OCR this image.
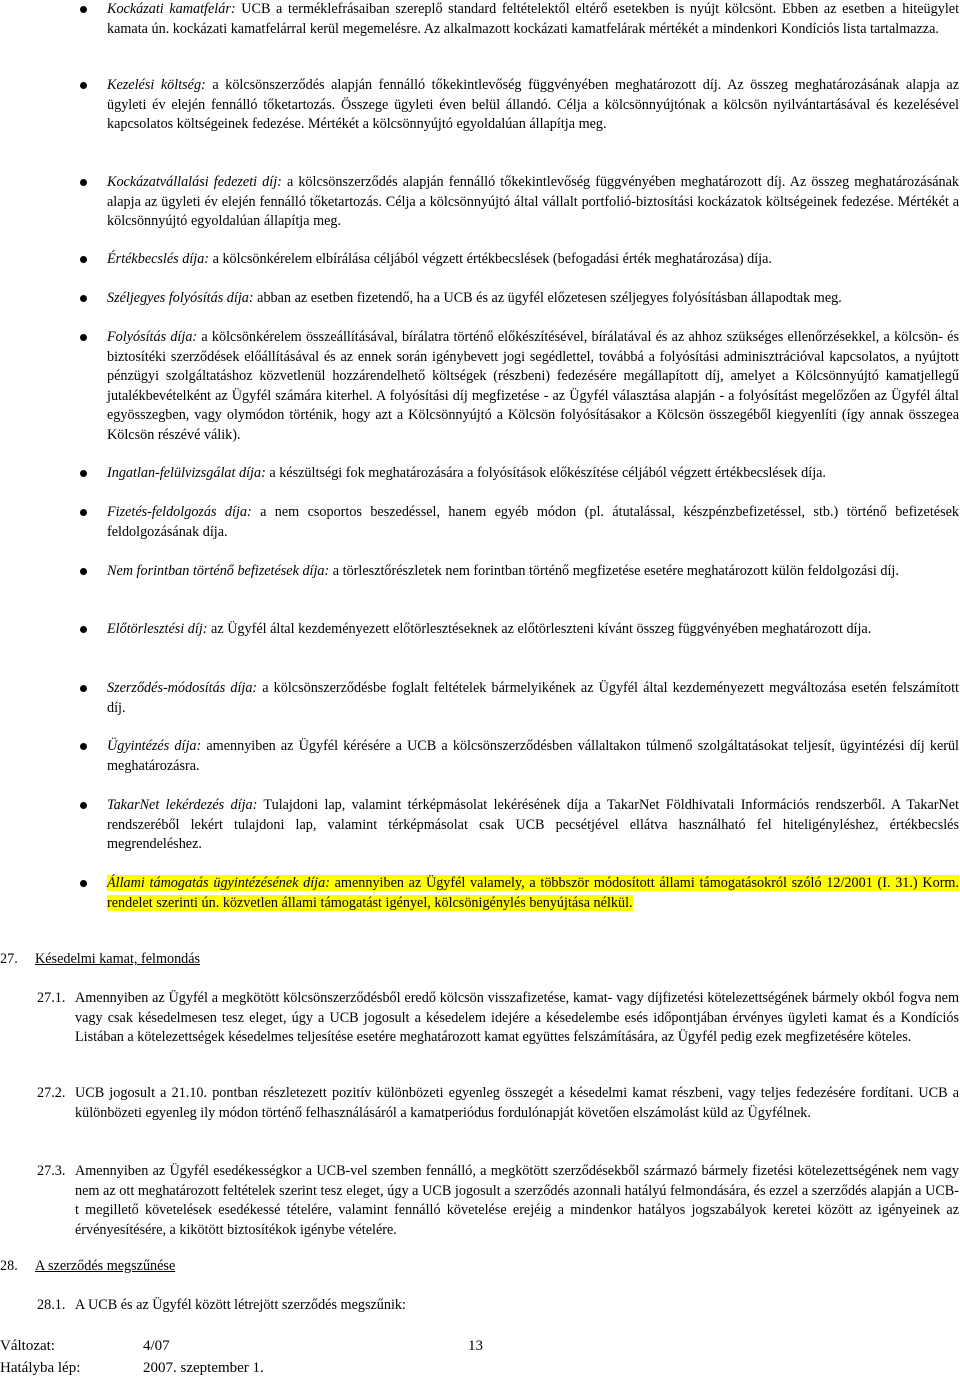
Kockázati kamatfelár: UCB a terméklefrásaiban szereplő standard feltételektől eltérő esetekben is nyújt kölcsönt. Ebben az esetben a hiteügylet kamata ún. kockázati kamatfelárral kerül megemelésre. Az alkalmazott kockázati kamatfelárak mértékét a mindenkori Kondíciós lista tartalmazza.
Kezelési költség: a kölcsönszerződés alapján fennálló tőkekintlevőség függvényében meghatározott díj. Az összeg meghatározásának alapja az ügyleti év elején fennálló tőketartozás. Összege ügyleti éven belül állandó. Célja a kölcsönnyújtónak a kölcsön nyilvántartásával és kezelésével kapcsolatos költségeinek fedezése. Mértékét a kölcsönnyújtó egyoldalúan állapítja meg.
Kockázatvállalási fedezeti díj: a kölcsönszerződés alapján fennálló tőkekintlevőség függvényében meghatározott díj. Az összeg meghatározásának alapja az ügyleti év elején fennálló tőketartozás. Célja a kölcsönnyújtó által vállalt portfolió-biztosítási kockázatok költségeinek fedezése. Mértékét a kölcsönnyújtó egyoldalúan állapítja meg.
Értékbecslés díja: a kölcsönkérelem elbírálása céljából végzett értékbecslések (befogadási érték meghatározása) díja.
Széljegyes folyósítás díja: abban az esetben fizetendő, ha a UCB és az ügyfél előzetesen széljegyes folyósításban állapodtak meg.
Folyósítás díja: a kölcsönkérelem összeállításával, bírálatra történő előkészítésével, bírálatával és az ahhoz szükséges ellenőrzésekkel, a kölcsön- és biztosítéki szerződések előállításával és az ennek során igénybevett jogi segédlettel, továbbá a folyósítási adminisztrációval kapcsolatos, a nyújtott pénzügyi szolgáltatáshoz közvetlenül hozzárendelhető költségek (részbeni) fedezésére megállapított díj, amelyet a Kölcsönnyújtó kamatjellegű jutalékbevételként az Ügyfél számára kiterhel. A folyósítási díj megfizetése - az Ügyfél választása alapján - a folyósítást megelőzően az Ügyfél által egyösszegben, vagy olymódon történik, hogy azt a Kölcsönnyújtó a Kölcsön folyósításakor a Kölcsön összegéből kiegyenlíti (így annak összegea Kölcsön részévé válik).
Ingatlan-felülvizsgálat díja: a készültségi fok meghatározására a folyósítások előkészítése céljából végzett értékbecslések díja.
Fizetés-feldolgozás díja: a nem csoportos beszedéssel, hanem egyéb módon (pl. átutalással, készpénzbefizetéssel, stb.) történő befizetések feldolgozásának díja.
Nem forintban történő befizetések díja: a törlesztőrészletek nem forintban történő megfizetése esetére meghatározott külön feldolgozási díj.
Előtörlesztési díj: az Ügyfél által kezdeményezett előtörlesztéseknek az előtörleszteni kívánt összeg függvényében meghatározott díja.
Szerződés-módosítás díja: a kölcsönszerződésbe foglalt feltételek bármelyikének az Ügyfél által kezdeményezett megváltozása esetén felszámított díj.
Ügyintézés díja: amennyiben az Ügyfél kérésére a UCB a kölcsönszerződésben vállaltakon túlmenő szolgáltatásokat teljesít, ügyintézési díj kerül meghatározásra.
TakarNet lekérdezés díja: Tulajdoni lap, valamint térképmásolat lekérésének díja a TakarNet Földhivatali Információs rendszerből. A TakarNet rendszeréből lekért tulajdoni lap, valamint térképmásolat csak UCB pecsétjével ellátva használható fel hiteligényléshez, értékbecslés megrendeléshez.
Állami támogatás ügyintézésének díja: amennyiben az Ügyfél valamely, a többször módosított állami támogatásokról szóló 12/2001 (I. 31.) Korm. rendelet szerinti ún. közvetlen állami támogatást igényel, kölcsönigénylés benyújtása nélkül.
27. Késedelmi kamat, felmondás
27.1. Amennyiben az Ügyfél a megkötött kölcsönszerződésből eredő kölcsön visszafizetése, kamat- vagy díjfizetési kötelezettségének bármely okból fogva nem vagy csak késedelmesen tesz eleget, úgy a UCB jogosult a késedelem idejére a késedelembe esés időpontjában érvényes ügyleti kamat és a Kondíciós Listában a kötelezettségek késedelmes teljesítése esetére meghatározott kamat együttes felszámítására, az Ügyfél pedig ezek megfizetésére köteles.
27.2. UCB jogosult a 21.10. pontban részletezett pozitív különbözeti egyenleg összegét a késedelmi kamat részbeni, vagy teljes fedezésére fordítani. UCB a különbözeti egyenleg ily módon történő felhasználásáról a kamatperiódus fordulónapját követően elszámolást küld az Ügyfélnek.
27.3. Amennyiben az Ügyfél esedékességkor a UCB-vel szemben fennálló, a megkötött szerződésekből származó bármely fizetési kötelezettségének nem vagy nem az ott meghatározott feltételek szerint tesz eleget, úgy a UCB jogosult a szerződés azonnali hatályú felmondására, és ezzel a szerződés alapján a UCB-t megillető követelések esedékessé tételére, valamint fennálló követelése erejéig a mindenkor hatályos jogszabályok keretei között az igényeinek az érvényesítésére, a kikötött biztosítékok igénybe vételére.
28. A szerződés megszűnése
28.1. A UCB és az Ügyfél között létrejött szerződés megszűnik:
Változat:	4/07	13
Hatályba lép:	2007. szeptember 1.
